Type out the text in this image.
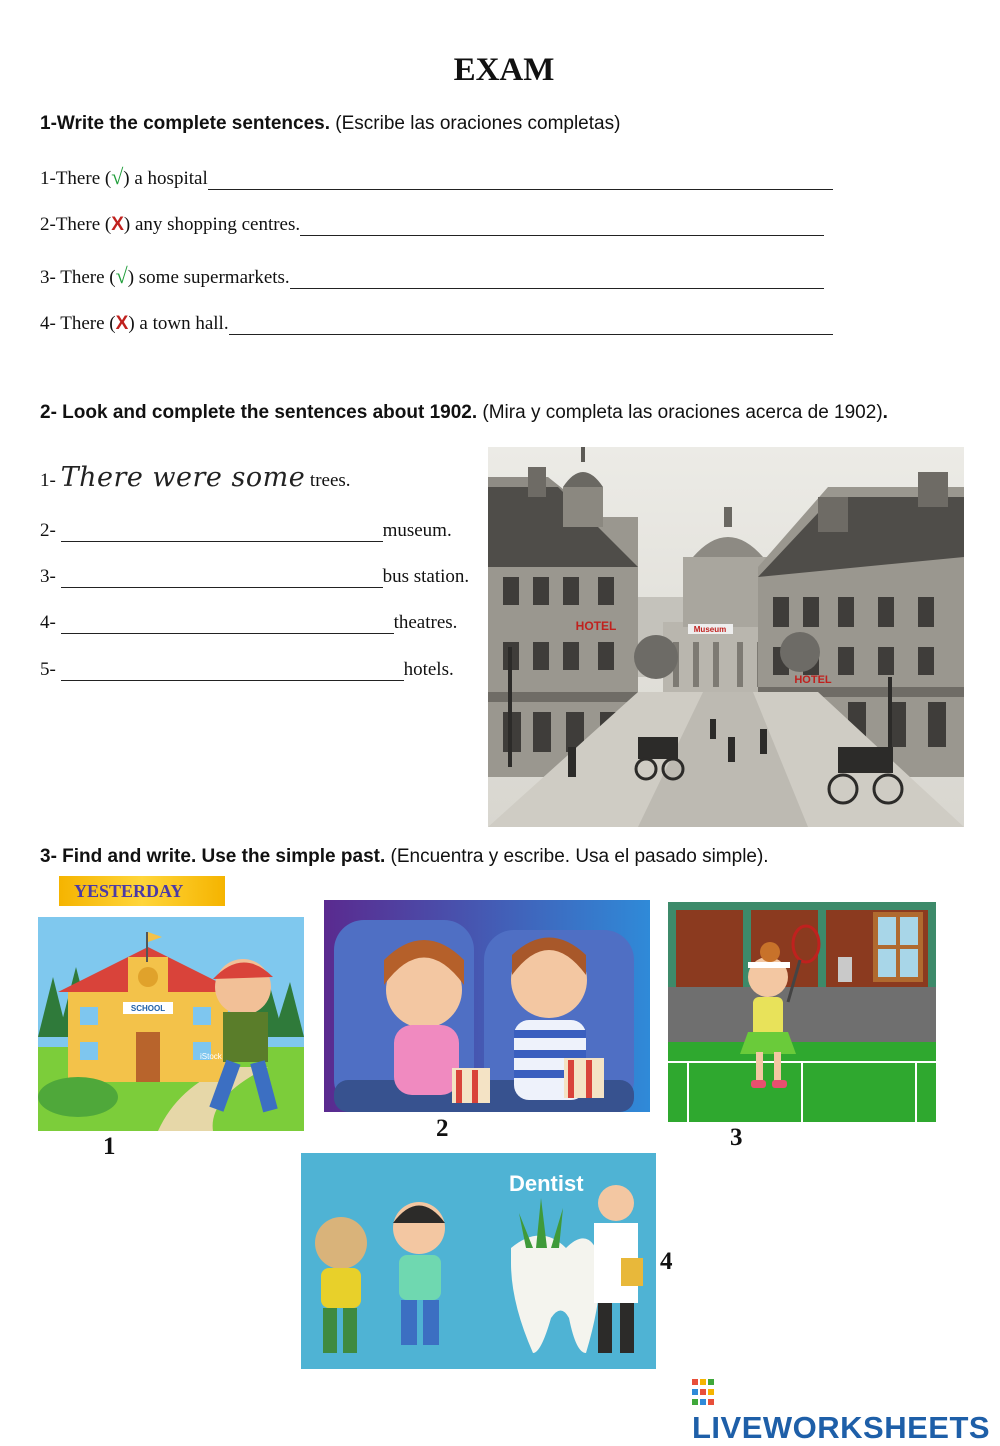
EXAM
1-Write the complete sentences. (Escribe las oraciones completas)
1-There (√) a hospital
2-There (X) any shopping centres.
3- There (√) some supermarkets.
4- There (X) a town hall.
2- Look and complete the sentences about 1902. (Mira y completa las oraciones acerca de 1902).
1- There were some trees.
2-	museum.
3-	bus station.
4-	theatres.
5-	hotels.
Museum
HOTEL
HOTEL
3- Find and write. Use the simple past. (Encuentra y escribe. Usa el pasado simple).
YESTERDAY
SCHOOL
iStock
1
2	3
Dentist
4
LIVEWORKSHEETS
